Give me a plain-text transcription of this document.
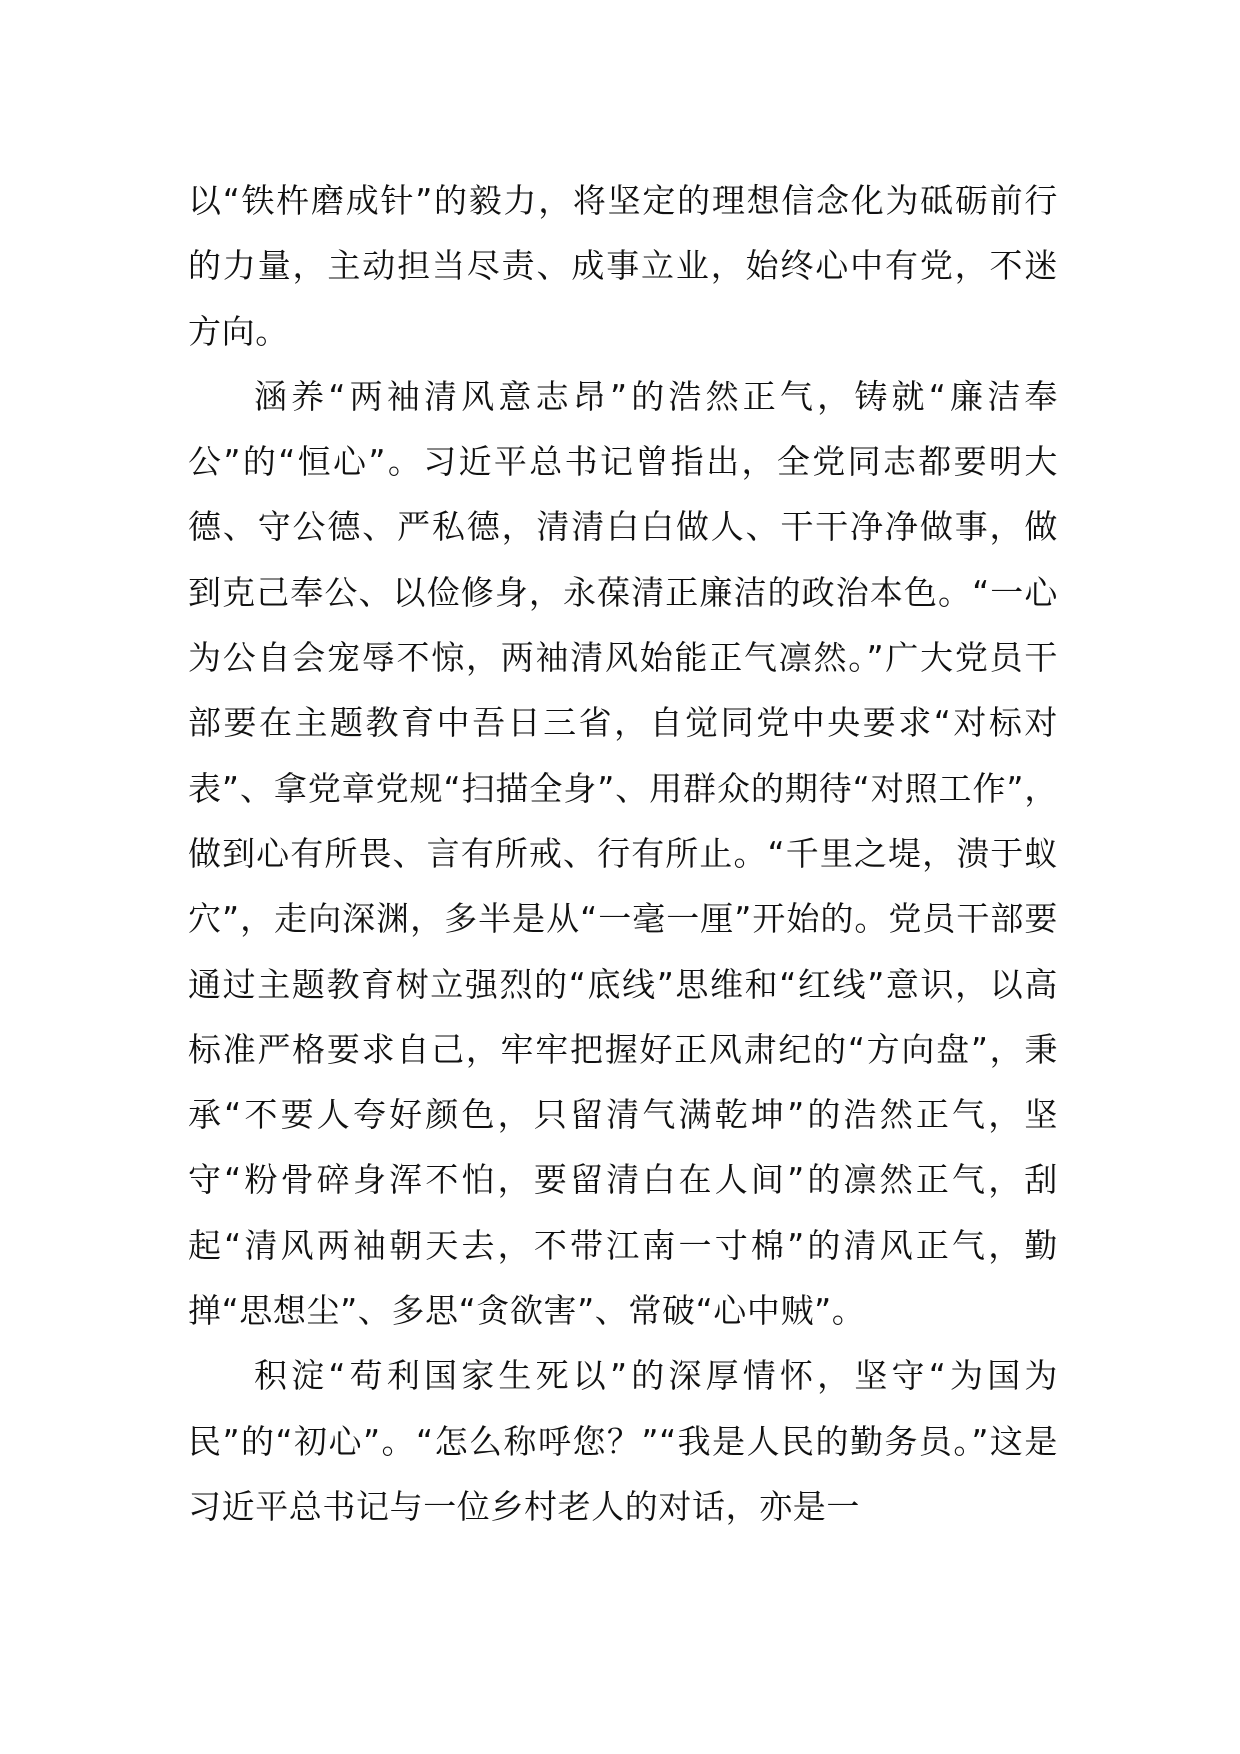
以“铁杵磨成针”的毅力，将坚定的理想信念化为砥砺前行的力量，主动担当尽责、成事立业，始终心中有党，不迷方向。

涵养“两袖清风意志昂”的浩然正气，铸就“廉洁奉公”的“恒心”。习近平总书记曾指出，全党同志都要明大德、守公德、严私德，清清白白做人、干干净净做事，做到克己奉公、以俭修身，永葆清正廉洁的政治本色。“一心为公自会宠辱不惊，两袖清风始能正气凛然。”广大党员干部要在主题教育中吾日三省，自觉同党中央要求“对标对表”、拿党章党规“扫描全身”、用群众的期待“对照工作”，做到心有所畏、言有所戒、行有所止。“千里之堤，溃于蚁穴”，走向深渊，多半是从“一毫一厘”开始的。党员干部要通过主题教育树立强烈的“底线”思维和“红线”意识，以高标准严格要求自己，牢牢把握好正风肃纪的“方向盘”，秉承“不要人夸好颜色，只留清气满乾坤”的浩然正气，坚守“粉骨碎身浑不怕，要留清白在人间”的凛然正气，刮起“清风两袖朝天去，不带江南一寸棉”的清风正气，勤掸“思想尘”、多思“贪欲害”、常破“心中贼”。

积淀“苟利国家生死以”的深厚情怀，坚守“为国为民”的“初心”。“怎么称呼您？”“我是人民的勤务员。”这是习近平总书记与一位乡村老人的对话，亦是一
